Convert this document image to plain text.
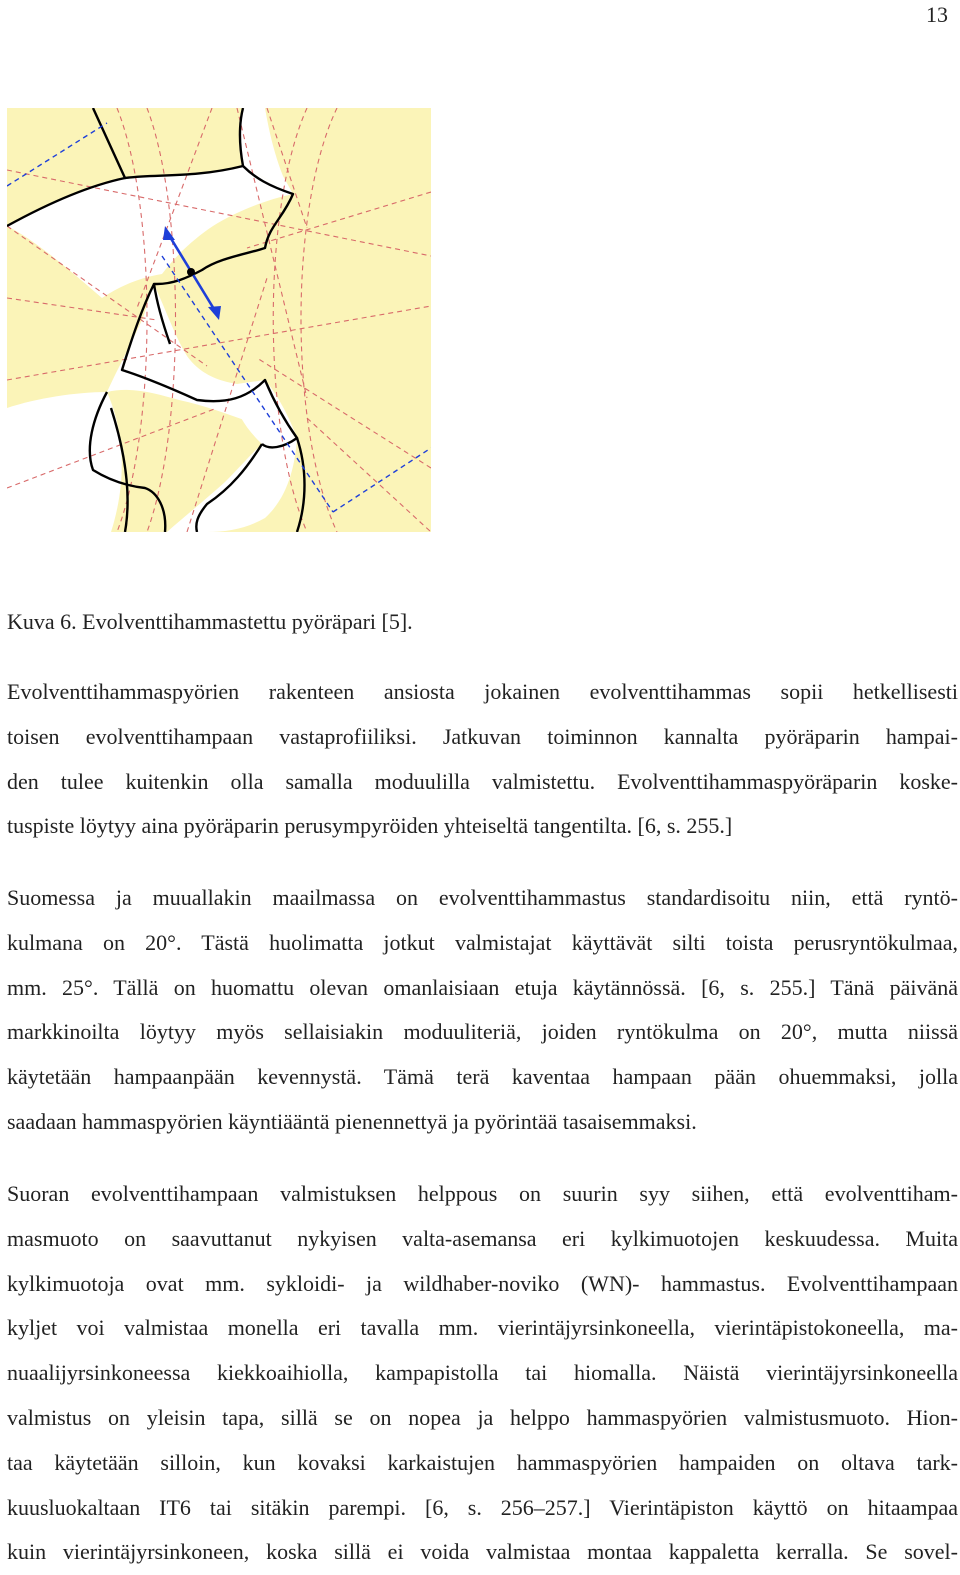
13
Kuva 6. Evolventtihammastettu pyöräpari [5].
Evolventtihammaspyörien rakenteen ansiosta jokainen evolventtihammas sopii hetkellisesti
toisen evolventtihampaan vastaprofiiliksi. Jatkuvan toiminnon kannalta pyöräparin hampai-
den tulee kuitenkin olla samalla moduulilla valmistettu. Evolventtihammaspyöräparin koske-
tuspiste löytyy aina pyöräparin perusympyröiden yhteiseltä tangentilta. [6, s. 255.]
Suomessa ja muuallakin maailmassa on evolventtihammastus standardisoitu niin, että ryntö-
kulmana on 20°. Tästä huolimatta jotkut valmistajat käyttävät silti toista perusryntökulmaa,
mm. 25°. Tällä on huomattu olevan omanlaisiaan etuja käytännössä. [6, s. 255.] Tänä päivänä
markkinoilta löytyy myös sellaisiakin moduuliteriä, joiden ryntökulma on 20°, mutta niissä
käytetään hampaanpään kevennystä. Tämä terä kaventaa hampaan pään ohuemmaksi, jolla
saadaan hammaspyörien käyntiääntä pienennettyä ja pyörintää tasaisemmaksi.
Suoran evolventtihampaan valmistuksen helppous on suurin syy siihen, että evolventtiham-
masmuoto on saavuttanut nykyisen valta-asemansa eri kylkimuotojen keskuudessa. Muita
kylkimuotoja ovat mm. sykloidi- ja wildhaber-noviko (WN)- hammastus. Evolventtihampaan
kyljet voi valmistaa monella eri tavalla mm. vierintäjyrsinkoneella, vierintäpistokoneella, ma-
nuaalijyrsinkoneessa kiekkoaihiolla, kampapistolla tai hiomalla. Näistä vierintäjyrsinkoneella
valmistus on yleisin tapa, sillä se on nopea ja helppo hammaspyörien valmistusmuoto. Hion-
taa käytetään silloin, kun kovaksi karkaistujen hammaspyörien hampaiden on oltava tark-
kuusluokaltaan IT6 tai sitäkin parempi. [6, s. 256–257.] Vierintäpiston käyttö on hitaampaa
kuin vierintäjyrsinkoneen, koska sillä ei voida valmistaa montaa kappaletta kerralla. Se sovel-
